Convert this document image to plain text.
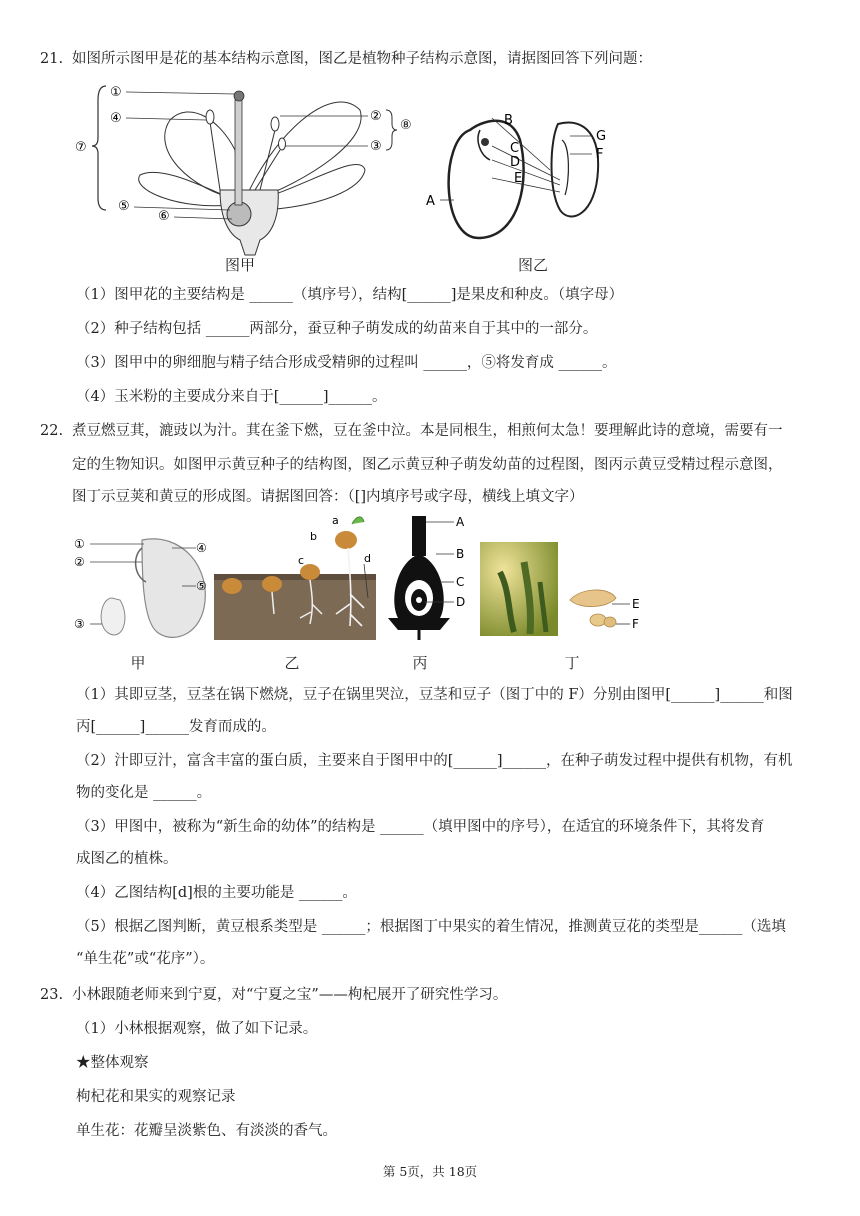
21. 如图所示图甲是花的基本结构示意图，图乙是植物种子结构示意图，请据图回答下列问题：
⑦
①
④
⑤
⑥
②
③
⑧
图甲
B
C
D
E
A
G
F
图乙
（1）图甲花的主要结构是 ______（填序号），结构[______]是果皮和种皮。（填字母）
（2）种子结构包括 ______两部分，蚕豆种子萌发成的幼苗来自于其中的一部分。
（3）图甲中的卵细胞与精子结合形成受精卵的过程叫 ______，⑤将发育成 ______。
（4）玉米粉的主要成分来自于[______]______。
22. 煮豆燃豆萁，漉豉以为汁。萁在釜下燃，豆在釜中泣。本是同根生，相煎何太急！要理解此诗的意境，需要有一
定的生物知识。如图甲示黄豆种子的结构图，图乙示黄豆种子萌发幼苗的过程图，图丙示黄豆受精过程示意图，
图丁示豆荚和黄豆的形成图。请据图回答：（[]内填序号或字母，横线上填文字）
①
②
③
④
⑤
甲
a
b
c	d
乙
A
B
C
D
丙
E
F
丁
（1）其即豆茎，豆茎在锅下燃烧，豆子在锅里哭泣，豆茎和豆子（图丁中的 F）分别由图甲[______]______和图
丙[______]______发育而成的。
（2）汁即豆汁，富含丰富的蛋白质，主要来自于图甲中的[______]______，在种子萌发过程中提供有机物，有机
物的变化是 ______。
（3）甲图中，被称为“新生命的幼体”的结构是 ______（填甲图中的序号），在适宜的环境条件下，其将发育
成图乙的植株。
（4）乙图结构[d]根的主要功能是 ______。
（5）根据乙图判断，黄豆根系类型是 ______；根据图丁中果实的着生情况，推测黄豆花的类型是______（选填
“单生花”或“花序”）。
23. 小林跟随老师来到宁夏，对“宁夏之宝”——枸杞展开了研究性学习。
（1）小林根据观察，做了如下记录。
★整体观察
枸杞花和果实的观察记录
单生花：花瓣呈淡紫色、有淡淡的香气。
第 5页，共 18页
